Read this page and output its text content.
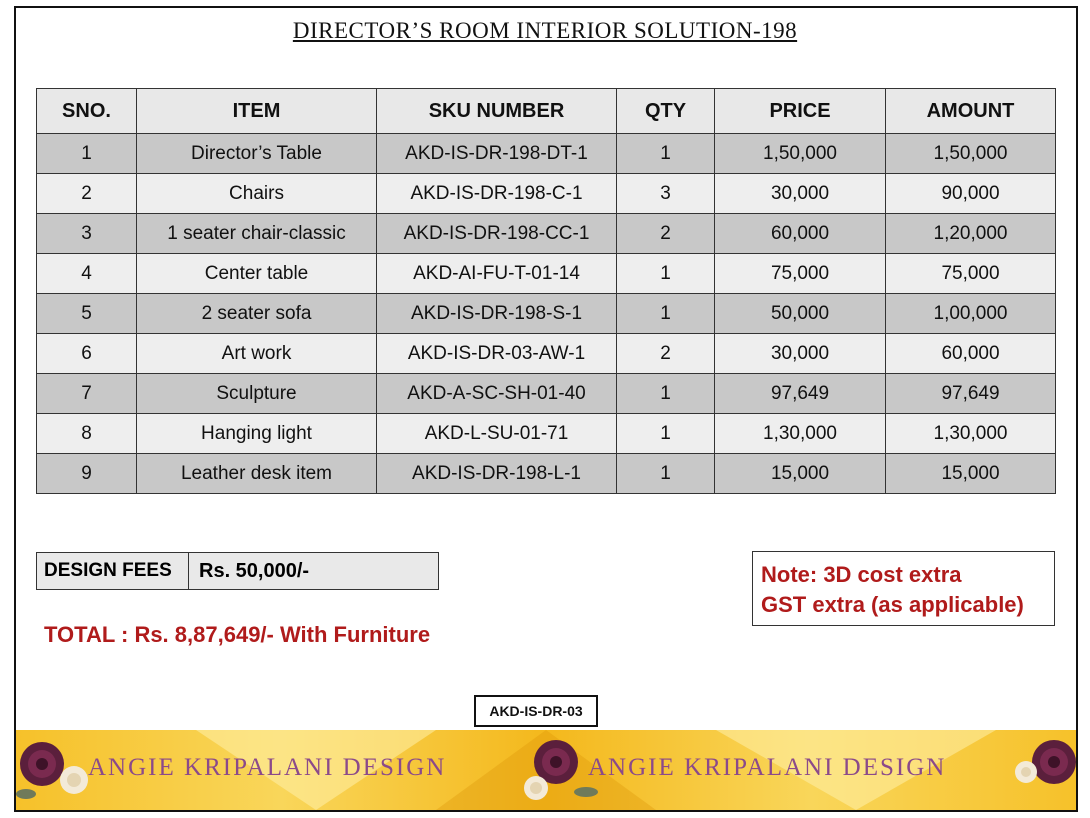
DIRECTOR’S ROOM INTERIOR SOLUTION-198
SNO.	ITEM	SKU NUMBER	QTY	PRICE	AMOUNT
1	Director’s Table	AKD-IS-DR-198-DT-1	1	1,50,000	1,50,000
2	Chairs	AKD-IS-DR-198-C-1	3	30,000	90,000
3	1 seater chair-classic	AKD-IS-DR-198-CC-1	2	60,000	1,20,000
4	Center table	AKD-AI-FU-T-01-14	1	75,000	75,000
5	2 seater sofa	AKD-IS-DR-198-S-1	1	50,000	1,00,000
6	Art work	AKD-IS-DR-03-AW-1	2	30,000	60,000
7	Sculpture	AKD-A-SC-SH-01-40	1	97,649	97,649
8	Hanging light	AKD-L-SU-01-71	1	1,30,000	1,30,000
9	Leather desk item	AKD-IS-DR-198-L-1	1	15,000	15,000
DESIGN FEES	Rs. 50,000/-
TOTAL : Rs. 8,87,649/- With Furniture
Note: 3D cost extra
GST extra (as applicable)
ANGIE KRIPALANI DESIGN	ANGIE KRIPALANI DESIGN
AKD-IS-DR-03
